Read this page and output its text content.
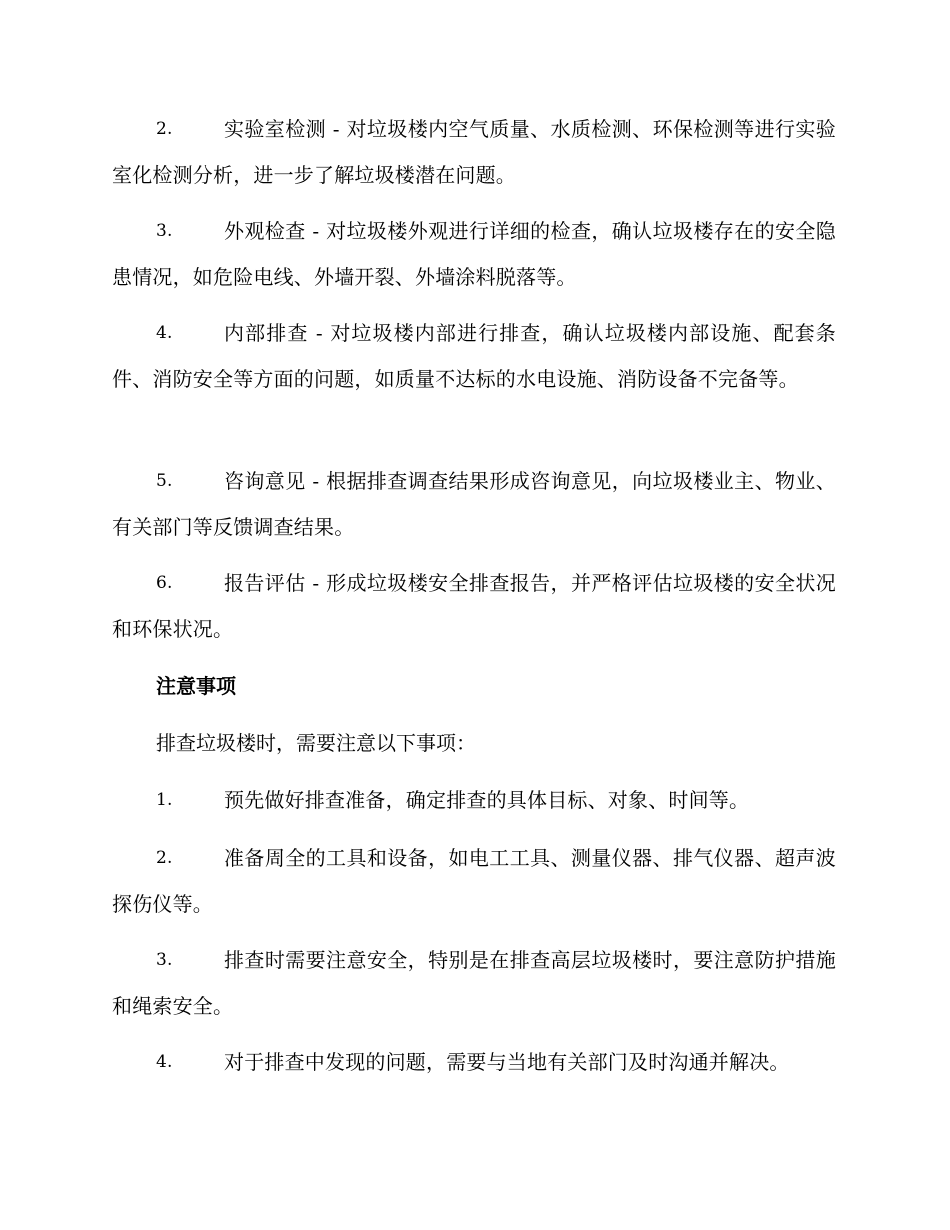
2.	实验室检测 - 对垃圾楼内空气质量、水质检测、环保检测等进行实验室化检测分析，进一步了解垃圾楼潜在问题。
3.	外观检查 - 对垃圾楼外观进行详细的检查，确认垃圾楼存在的安全隐患情况，如危险电线、外墙开裂、外墙涂料脱落等。
4.	内部排查 - 对垃圾楼内部进行排查，确认垃圾楼内部设施、配套条件、消防安全等方面的问题，如质量不达标的水电设施、消防设备不完备等。
5.	咨询意见 - 根据排查调查结果形成咨询意见，向垃圾楼业主、物业、有关部门等反馈调查结果。
6.	报告评估 - 形成垃圾楼安全排查报告，并严格评估垃圾楼的安全状况和环保状况。
注意事项
排查垃圾楼时，需要注意以下事项：
1.	预先做好排查准备，确定排查的具体目标、对象、时间等。
2.	准备周全的工具和设备，如电工工具、测量仪器、排气仪器、超声波探伤仪等。
3.	排查时需要注意安全，特别是在排查高层垃圾楼时，要注意防护措施和绳索安全。
4.	对于排查中发现的问题，需要与当地有关部门及时沟通并解决。
